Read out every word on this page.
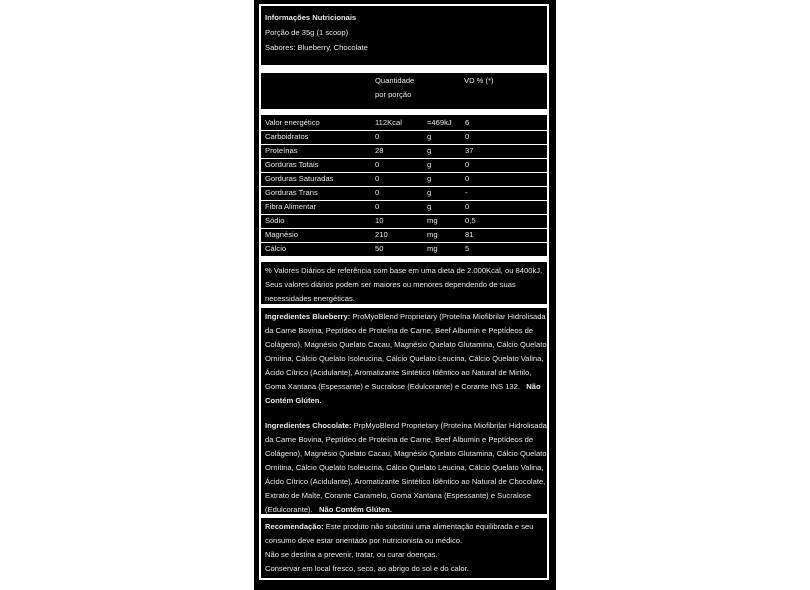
Informações Nutricionais
Porção de 35g (1 scoop)
Sabores: Blueberry, Chocolate
Quantidade
por porção
VD % (*)
Valor energético	112Kcal	=469kJ 6
Carboidratos	0	g	0
Proteínas	28	g	37
Gorduras Totais	0	g	0
Gorduras Saturadas	0	g	0
Gorduras Trans	0	g	-
Fibra Alimentar	0	g	0
Sódio	10	mg	0,5
Magnésio	210	mg	81
Cálcio	50	mg	5
% Valores Diários de referência com base em uma dieta de 2.000Kcal, ou 8400kJ. Seus valores diários podem ser maiores ou menores dependendo de suas necessidades energéticas.
Ingredientes Blueberry: ProMyoBlend Proprietary (Proteína Miofibrilar Hidrolisada da Carne Bovina, Peptídeo de Proteína de Carne, Beef Albumin e Peptídeos de Colágeno), Magnésio Quelato Cacau, Magnésio Quelato Glutamina, Cálcio Quelato Ornitina, Cálcio Quelato Isoleucina, Cálcio Quelato Leucina, Cálcio Quelato Valina, Ácido Cítrico (Acidulante), Aromatizante Sintético Idêntico ao Natural de Mirtilo, Goma Xantana (Espessante) e Sucralose (Edulcorante) e Corante INS 132. Não Contém Glúten.
Ingredientes Chocolate: PrpMyoBlend Proprietary (Proteína Miofibrilar Hidrolisada da Carne Bovina, Peptídeo de Proteína de Carne, Beef Albumin e Peptídeos de Colágeno), Magnésio Quelato Cacau, Magnésio Quelato Glutamina, Cálcio Quelato Ornitina, Cálcio Quelato Isoleucina, Cálcio Quelato Leucina, Cálcio Quelato Valina, Ácido Cítrico (Acidulante), Aromatizante Sintético Idêntico ao Natural de Chocolate, Extrato de Malte, Corante Caramelo, Goma Xantana (Espessante) e Sucralose (Edulcorante). Não Contém Glúten.
Recomendação: Este produto não substitui uma alimentação equilibrada e seu consumo deve estar orientado por nutricionista ou médico.
Não se destina a prevenir, tratar, ou curar doenças.
Conservar em local fresco, seco, ao abrigo do sol e do calor.
